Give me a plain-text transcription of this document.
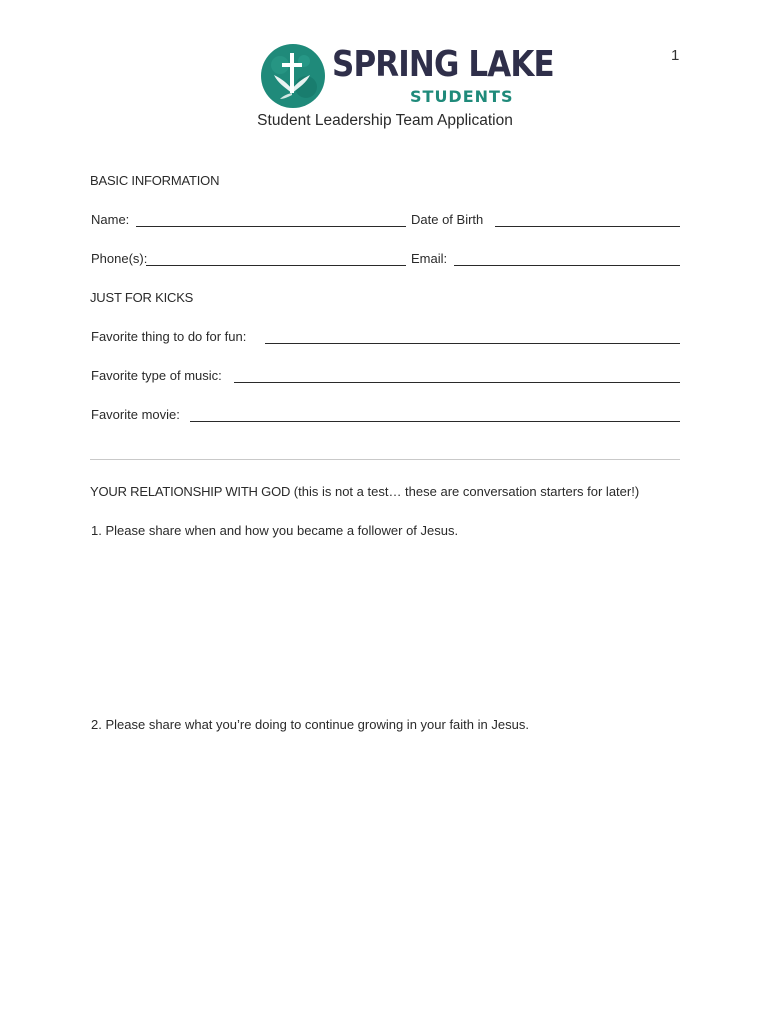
1
SPRING LAKE
STUDENTS
Student Leadership Team Application
BASIC INFORMATION
Name:	Date of Birth
Phone(s):	Email:
JUST FOR KICKS
Favorite thing to do for fun:
Favorite type of music:
Favorite movie:
YOUR RELATIONSHIP WITH GOD (this is not a test… these are conversation starters for later!)
1. Please share when and how you became a follower of Jesus.
2. Please share what you’re doing to continue growing in your faith in Jesus.
